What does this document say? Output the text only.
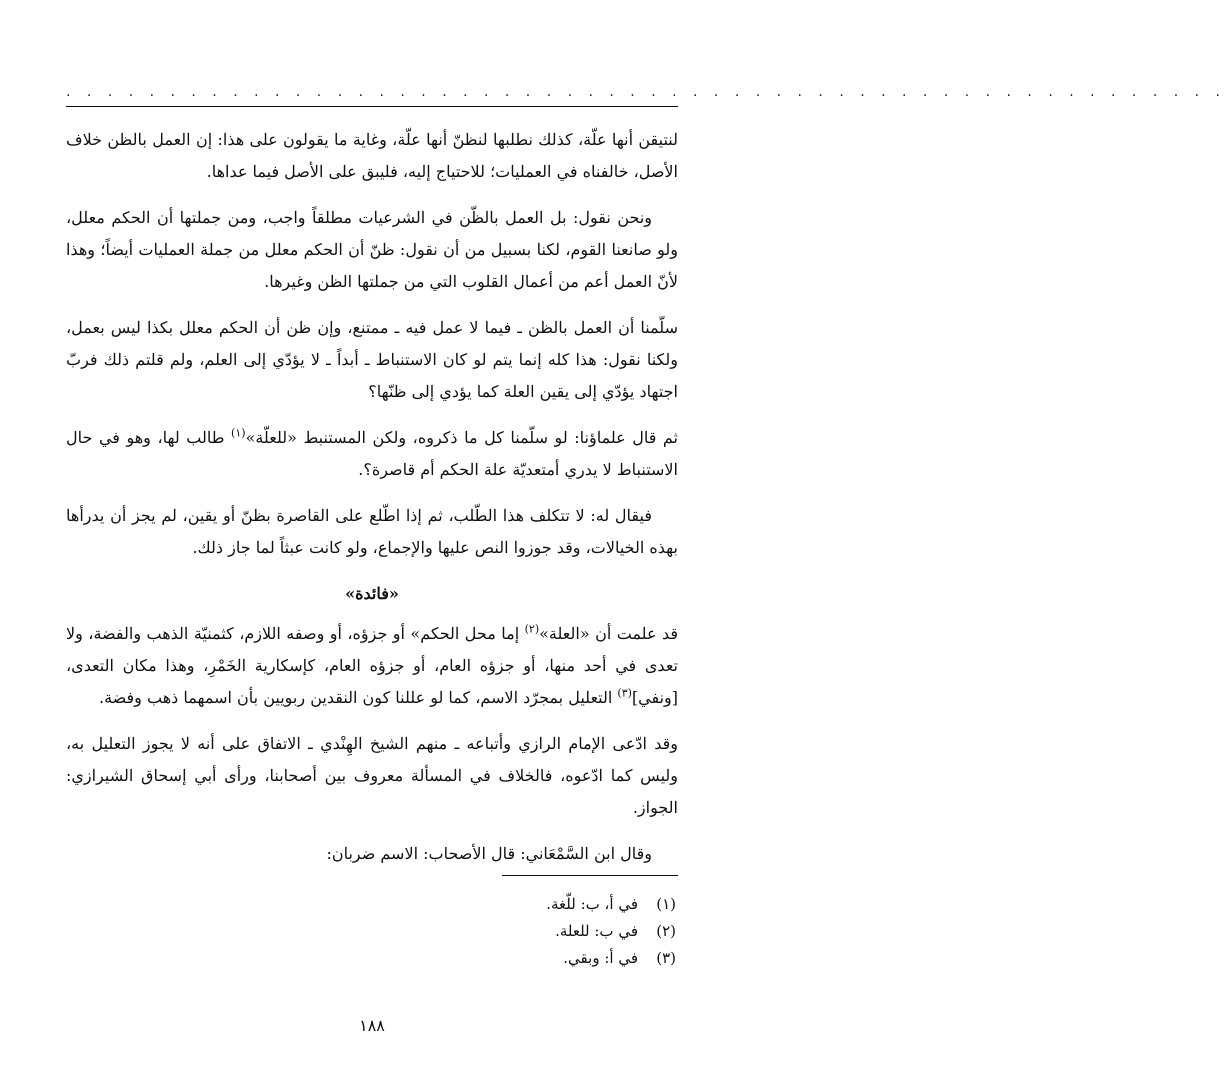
. . . . . . . . . . . . . . . . . . . . . . . . . . . . . . . . . . . . . . . . . . . . . . . . . . . . . . . .

لنتيقن أنها علّة، كذلك نطلبها لنظنّ أنها علّة، وغاية ما يقولون على هذا: إن العمل بالظن خلاف الأصل، خالفناه في العمليات؛ للاحتياج إليه، فليبق على الأصل فيما عداها.

ونحن نقول: بل العمل بالظّن في الشرعيات مطلقاً واجب، ومن جملتها أن الحكم معلل، ولو صانعنا القوم، لكنا بسبيل من أن نقول: ظنّ أن الحكم معلل من جملة العمليات أيضاً؛ وهذا لأنّ العمل أعم من أعمال القلوب التي من جملتها الظن وغيرها.

سلّمنا أن العمل بالظن ـ فيما لا عمل فيه ـ ممتنع، وإن ظن أن الحكم معلل بكذا ليس بعمل، ولكنا نقول: هذا كله إنما يتم لو كان الاستنباط ـ أبداً ـ لا يؤدّي إلى العلم، ولم قلتم ذلك فربّ اجتهاد يؤدّي إلى يقين العلة كما يؤدي إلى ظنّها؟

ثم قال علماؤنا: لو سلّمنا كل ما ذكروه، ولكن المستنبط «للعلّة»$^{(١)}$ طالب لها، وهو في حال الاستنباط لا يدري أمتعديّة علة الحكم أم قاصرة؟.

فيقال له: لا تتكلف هذا الطّلب، ثم إذا اطّلع على القاصرة بظنّ أو يقين، لم يجز أن يدرأها بهذه الخيالات، وقد جوزوا النص عليها والإجماع، ولو كانت عبثاً لما جاز ذلك.

«فائدة»

قد علمت أن «العلة»$^{(٢)}$ إما محل الحكم» أو جزؤه، أو وصفه اللازم، كثمنيّة الذهب والفضة، ولا تعدى في أحد منها، أو جزؤه العام، أو جزؤه العام، كإسكارية الخَمْرِ، وهذا مكان التعدى، [ونفي]$^{(٣)}$ التعليل بمجرّد الاسم، كما لو عللنا كون النقدين ربويين بأن اسمهما ذهب وفضة.

وقد ادّعى الإمام الرازي وأتباعه ـ منهم الشيخ الهِنْدي ـ الاتفاق على أنه لا يجوز التعليل به، وليس كما ادّعوه، فالخلاف في المسألة معروف بين أصحابنا، ورأى أبي إسحاق الشيرازي: الجواز.

وقال ابن السَّمْعَاني: قال الأصحاب: الاسم ضربان:

(١)
في أ، ب: للّغة.
(٢)
في ب: للعلة.
(٣)
في أ: وبقي.
١٨٨
